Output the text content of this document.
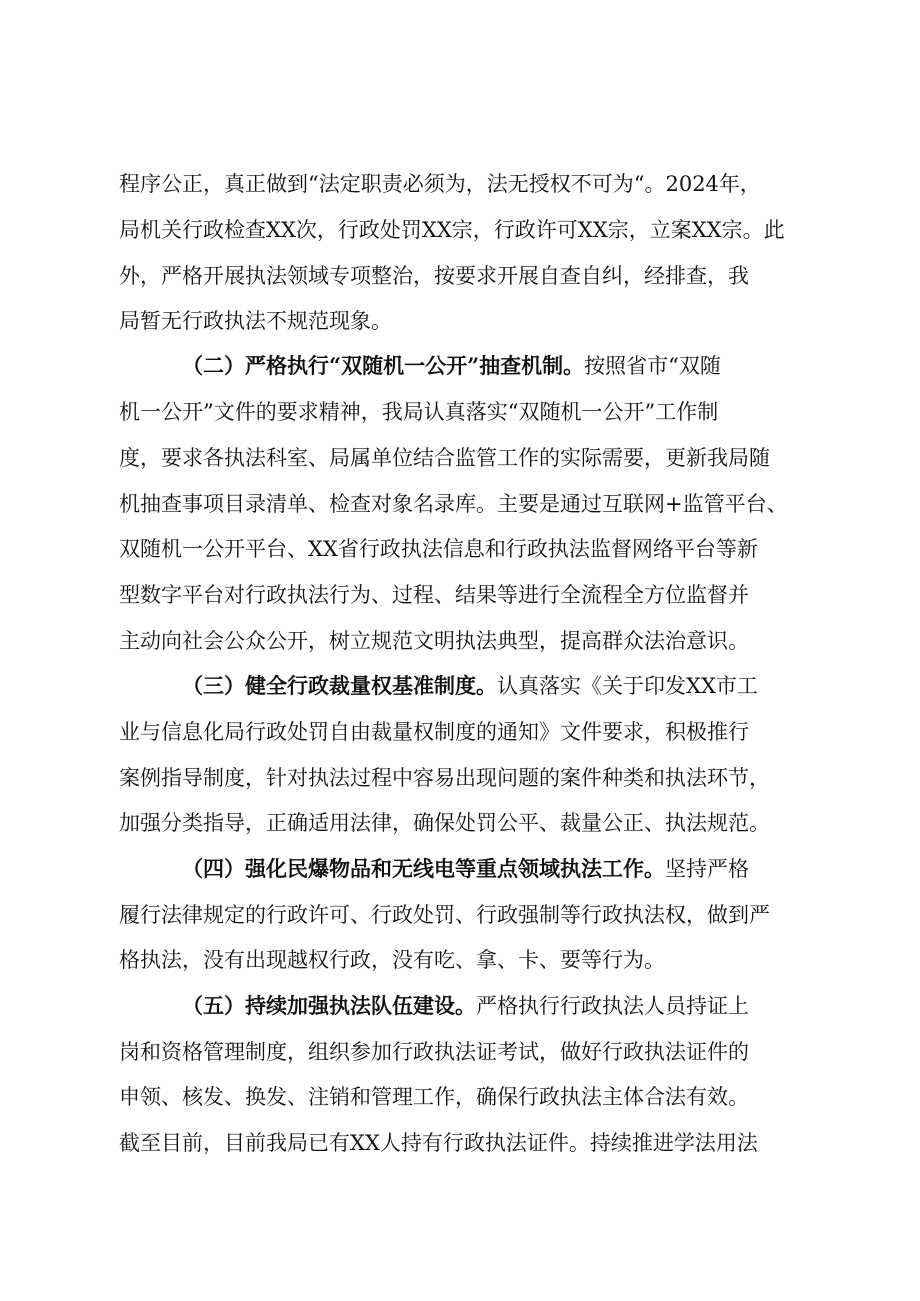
程序公正，真正做到“法定职责必须为，法无授权不可为“。2024年，
局机关行政检查XX次，行政处罚XX宗，行政许可XX宗，立案XX宗。此
外，严格开展执法领域专项整治，按要求开展自查自纠，经排查，我
局暂无行政执法不规范现象。
（二）严格执行“双随机一公开”抽查机制。按照省市“双随
机一公开”文件的要求精神，我局认真落实“双随机一公开”工作制
度，要求各执法科室、局属单位结合监管工作的实际需要，更新我局随
机抽查事项目录清单、检查对象名录库。主要是通过互联网+监管平台、
双随机一公开平台、XX省行政执法信息和行政执法监督网络平台等新
型数字平台对行政执法行为、过程、结果等进行全流程全方位监督并
主动向社会公众公开，树立规范文明执法典型，提高群众法治意识。
（三）健全行政裁量权基准制度。认真落实《关于印发XX市工
业与信息化局行政处罚自由裁量权制度的通知》文件要求，积极推行
案例指导制度，针对执法过程中容易出现问题的案件种类和执法环节，
加强分类指导，正确适用法律，确保处罚公平、裁量公正、执法规范。
（四）强化民爆物品和无线电等重点领域执法工作。坚持严格
履行法律规定的行政许可、行政处罚、行政强制等行政执法权，做到严
格执法，没有出现越权行政，没有吃、拿、卡、要等行为。
（五）持续加强执法队伍建设。严格执行行政执法人员持证上
岗和资格管理制度，组织参加行政执法证考试，做好行政执法证件的
申领、核发、换发、注销和管理工作，确保行政执法主体合法有效。
截至目前，目前我局已有XX人持有行政执法证件。持续推进学法用法
